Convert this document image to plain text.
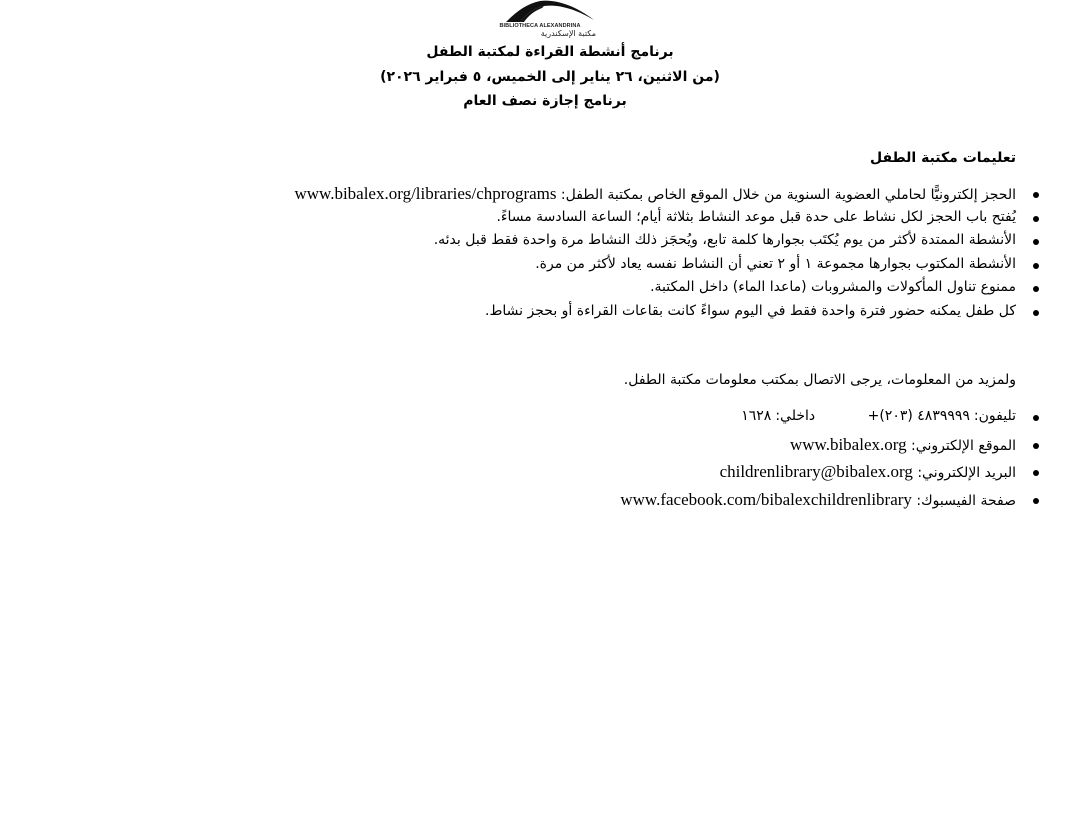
BIBLIOTHECA ALEXANDRINA
مكتبة الإسكندرية
برنامج أنشطة القراءة لمكتبة الطفل
(من الاثنين، ٢٦ يناير إلى الخميس، ٥ فبراير ٢٠٢٦)
برنامج إجازة نصف العام
تعليمات مكتبة الطفل
الحجز إلكترونيًّا لحاملي العضوية السنوية من خلال الموقع الخاص بمكتبة الطفل: www.bibalex.org/libraries/chprograms
يُفتح باب الحجز لكل نشاط على حدة قبل موعد النشاط بثلاثة أيام؛ الساعة السادسة مساءً.
الأنشطة الممتدة لأكثر من يوم يُكتَب بجوارها كلمة تابع، ويُحجَز ذلك النشاط مرة واحدة فقط قبل بدئه.
الأنشطة المكتوب بجوارها مجموعة ١ أو ٢ تعني أن النشاط نفسه يعاد لأكثر من مرة.
ممنوع تناول المأكولات والمشروبات (ماعدا الماء) داخل المكتبة.
كل طفل يمكنه حضور فترة واحدة فقط في اليوم سواءً كانت بقاعات القراءة أو بحجز نشاط.
ولمزيد من المعلومات، يرجى الاتصال بمكتب معلومات مكتبة الطفل.
تليفون:٤٨٣٩٩٩٩ (٢٠٣)+ داخلي:١٦٢٨
الموقع الإلكتروني: www.bibalex.org
البريد الإلكتروني: childrenlibrary@bibalex.org
صفحة الفيسبوك: www.facebook.com/bibalexchildrenlibrary
